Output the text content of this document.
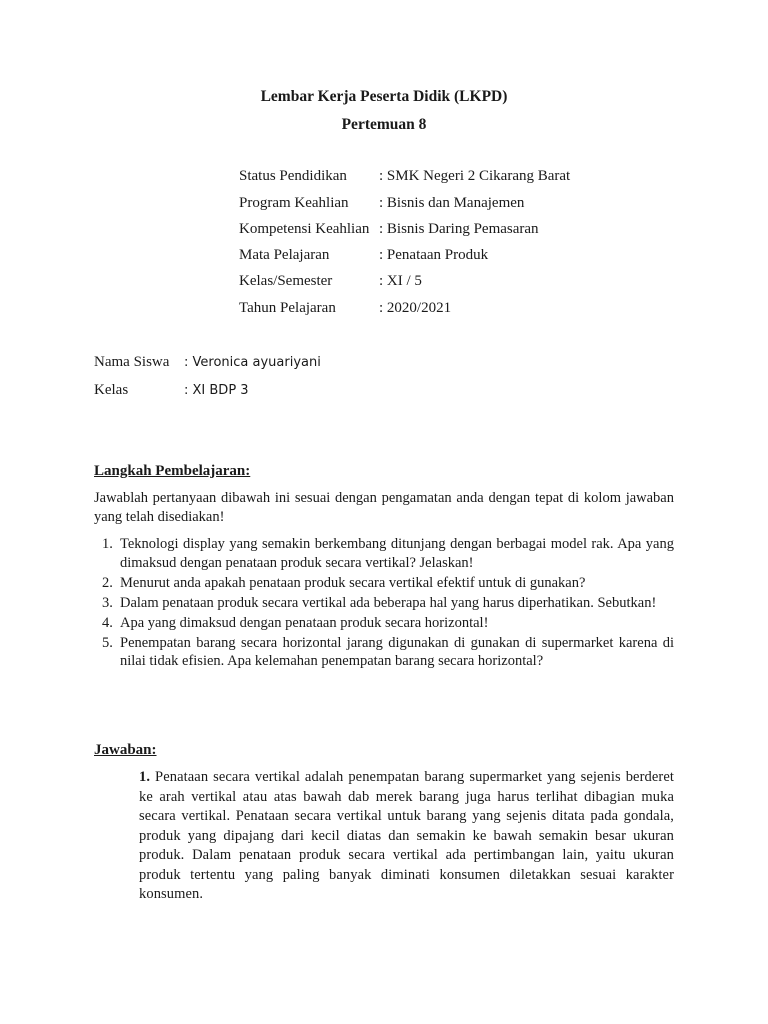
Lembar Kerja Peserta Didik (LKPD)
Pertemuan 8
Status Pendidikan : SMK Negeri 2 Cikarang Barat
Program Keahlian : Bisnis dan Manajemen
Kompetensi Keahlian : Bisnis Daring Pemasaran
Mata Pelajaran	: Penataan Produk
Kelas/Semester	: XI / 5
Tahun Pelajaran	: 2020/2021
Nama Siswa : Veronica ayuariyani
Kelas	: XI BDP 3
Langkah Pembelajaran:
Jawablah pertanyaan dibawah ini sesuai dengan pengamatan anda dengan tepat di kolom jawaban yang telah disediakan!
1. Teknologi display yang semakin berkembang ditunjang dengan berbagai model rak. Apa yang dimaksud dengan penataan produk secara vertikal? Jelaskan!
2. Menurut anda apakah penataan produk secara vertikal efektif untuk di gunakan?
3. Dalam penataan produk secara vertikal ada beberapa hal yang harus diperhatikan. Sebutkan!
4. Apa yang dimaksud dengan penataan produk secara horizontal!
5. Penempatan barang secara horizontal jarang digunakan di gunakan di supermarket karena di nilai tidak efisien. Apa kelemahan penempatan barang secara horizontal?
Jawaban:
1. Penataan secara vertikal adalah penempatan barang supermarket yang sejenis berderet ke arah vertikal atau atas bawah dab merek barang juga harus terlihat dibagian muka secara vertikal. Penataan secara vertikal untuk barang yang sejenis ditata pada gondala, produk yang dipajang dari kecil diatas dan semakin ke bawah semakin besar ukuran produk. Dalam penataan produk secara vertikal ada pertimbangan lain, yaitu ukuran produk tertentu yang paling banyak diminati konsumen diletakkan sesuai karakter konsumen.
